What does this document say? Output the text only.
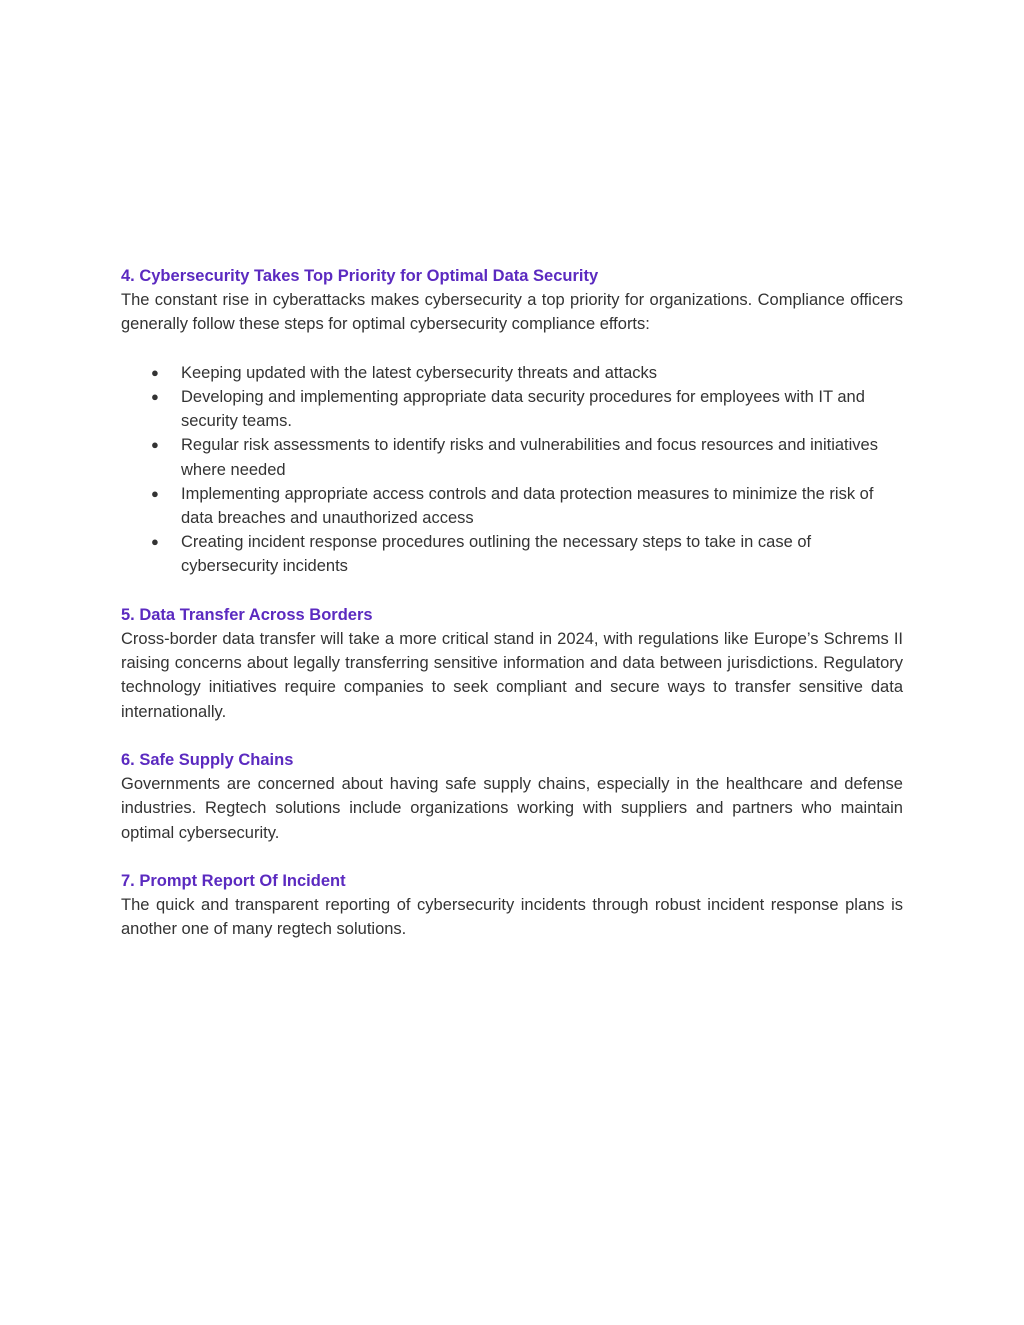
4. Cybersecurity Takes Top Priority for Optimal Data Security

The constant rise in cyberattacks makes cybersecurity a top priority for organizations. Compliance officers generally follow these steps for optimal cybersecurity compliance efforts:

● Keeping updated with the latest cybersecurity threats and attacks
● Developing and implementing appropriate data security procedures for employees with IT and security teams.
● Regular risk assessments to identify risks and vulnerabilities and focus resources and initiatives where needed
● Implementing appropriate access controls and data protection measures to minimize the risk of data breaches and unauthorized access
● Creating incident response procedures outlining the necessary steps to take in case of cybersecurity incidents

5. Data Transfer Across Borders

Cross-border data transfer will take a more critical stand in 2024, with regulations like Europe’s Schrems II raising concerns about legally transferring sensitive information and data between jurisdictions. Regulatory technology initiatives require companies to seek compliant and secure ways to transfer sensitive data internationally.

6. Safe Supply Chains

Governments are concerned about having safe supply chains, especially in the healthcare and defense industries. Regtech solutions include organizations working with suppliers and partners who maintain optimal cybersecurity.

7. Prompt Report Of Incident

The quick and transparent reporting of cybersecurity incidents through robust incident response plans is another one of many regtech solutions.
